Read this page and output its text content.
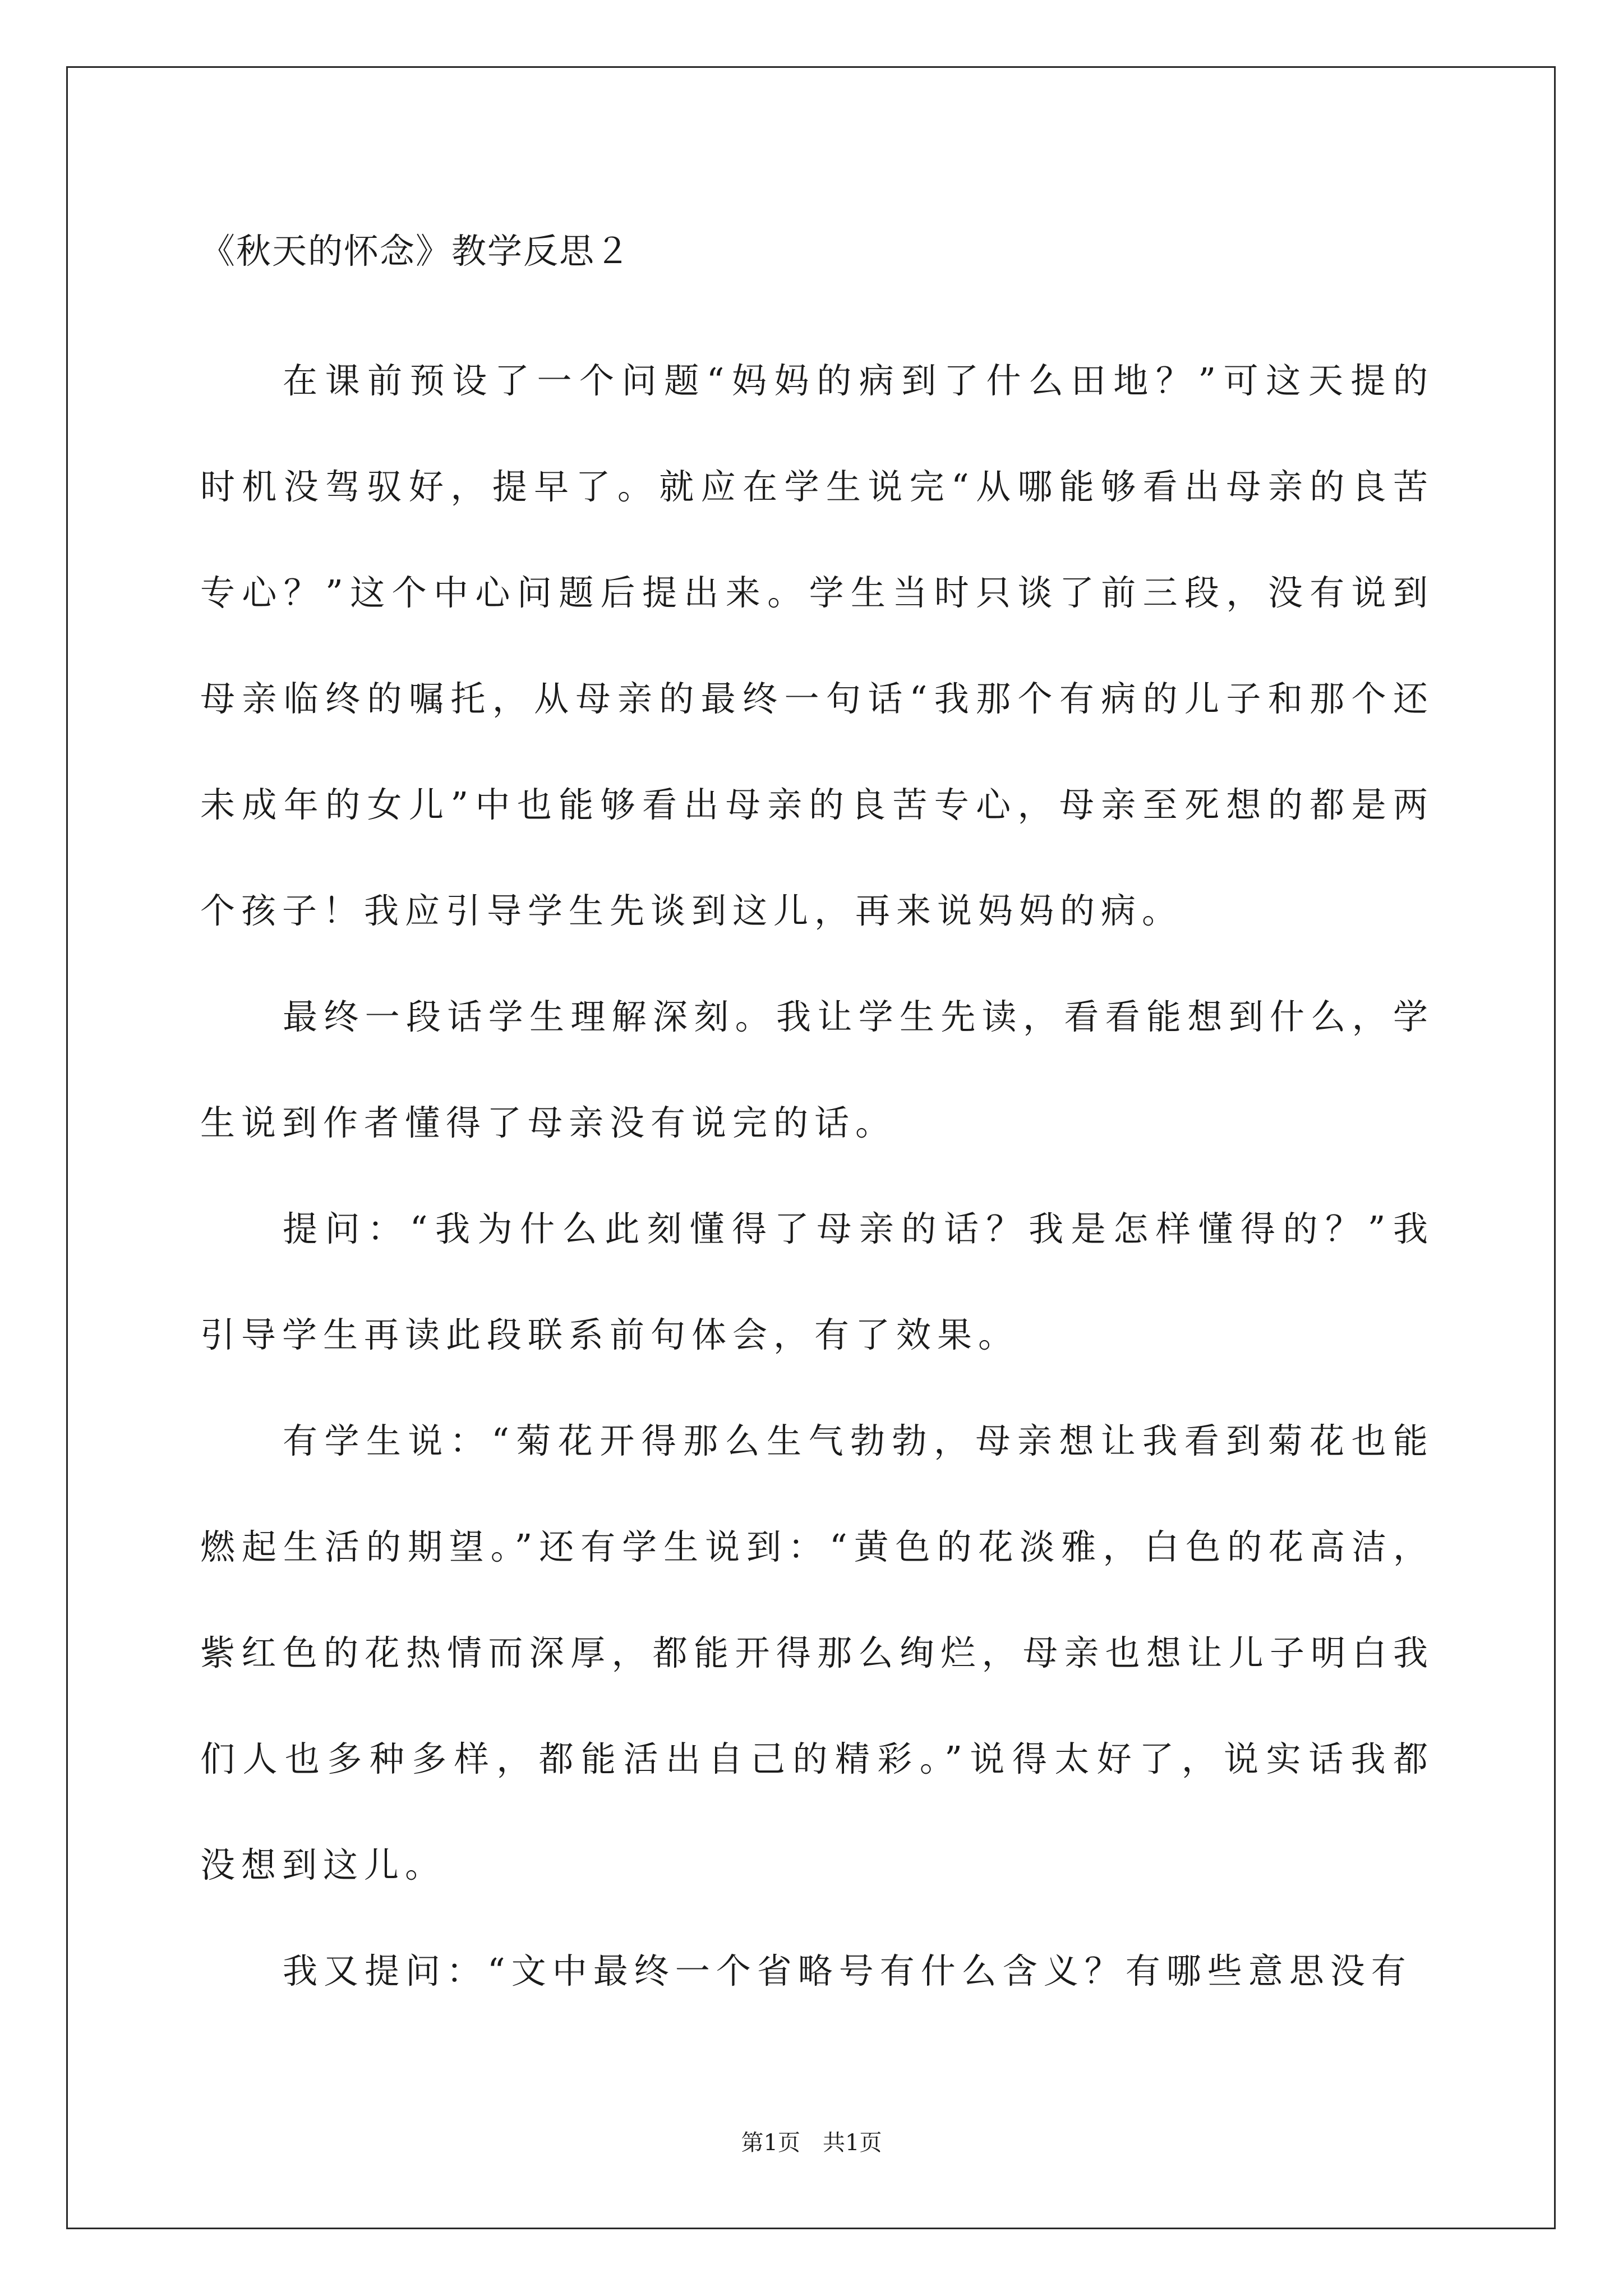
《秋天的怀念》教学反思２

在课前预设了一个问题“妈妈的病到了什么田地？”可这天提的时机没驾驭好，提早了。就应在学生说完“从哪能够看出母亲的良苦专心？”这个中心问题后提出来。学生当时只谈了前三段，没有说到母亲临终的嘱托，从母亲的最终一句话“我那个有病的儿子和那个还未成年的女儿”中也能够看出母亲的良苦专心，母亲至死想的都是两个孩子！我应引导学生先谈到这儿，再来说妈妈的病。

最终一段话学生理解深刻。我让学生先读，看看能想到什么，学生说到作者懂得了母亲没有说完的话。

提问：“我为什么此刻懂得了母亲的话？我是怎样懂得的？”我引导学生再读此段联系前句体会，有了效果。

有学生说：“菊花开得那么生气勃勃，母亲想让我看到菊花也能燃起生活的期望。”还有学生说到：“黄色的花淡雅，白色的花高洁，紫红色的花热情而深厚，都能开得那么绚烂，母亲也想让儿子明白我们人也多种多样，都能活出自己的精彩。”说得太好了，说实话我都没想到这儿。

我又提问：“文中最终一个省略号有什么含义？有哪些意思没有

第1页　共1页
